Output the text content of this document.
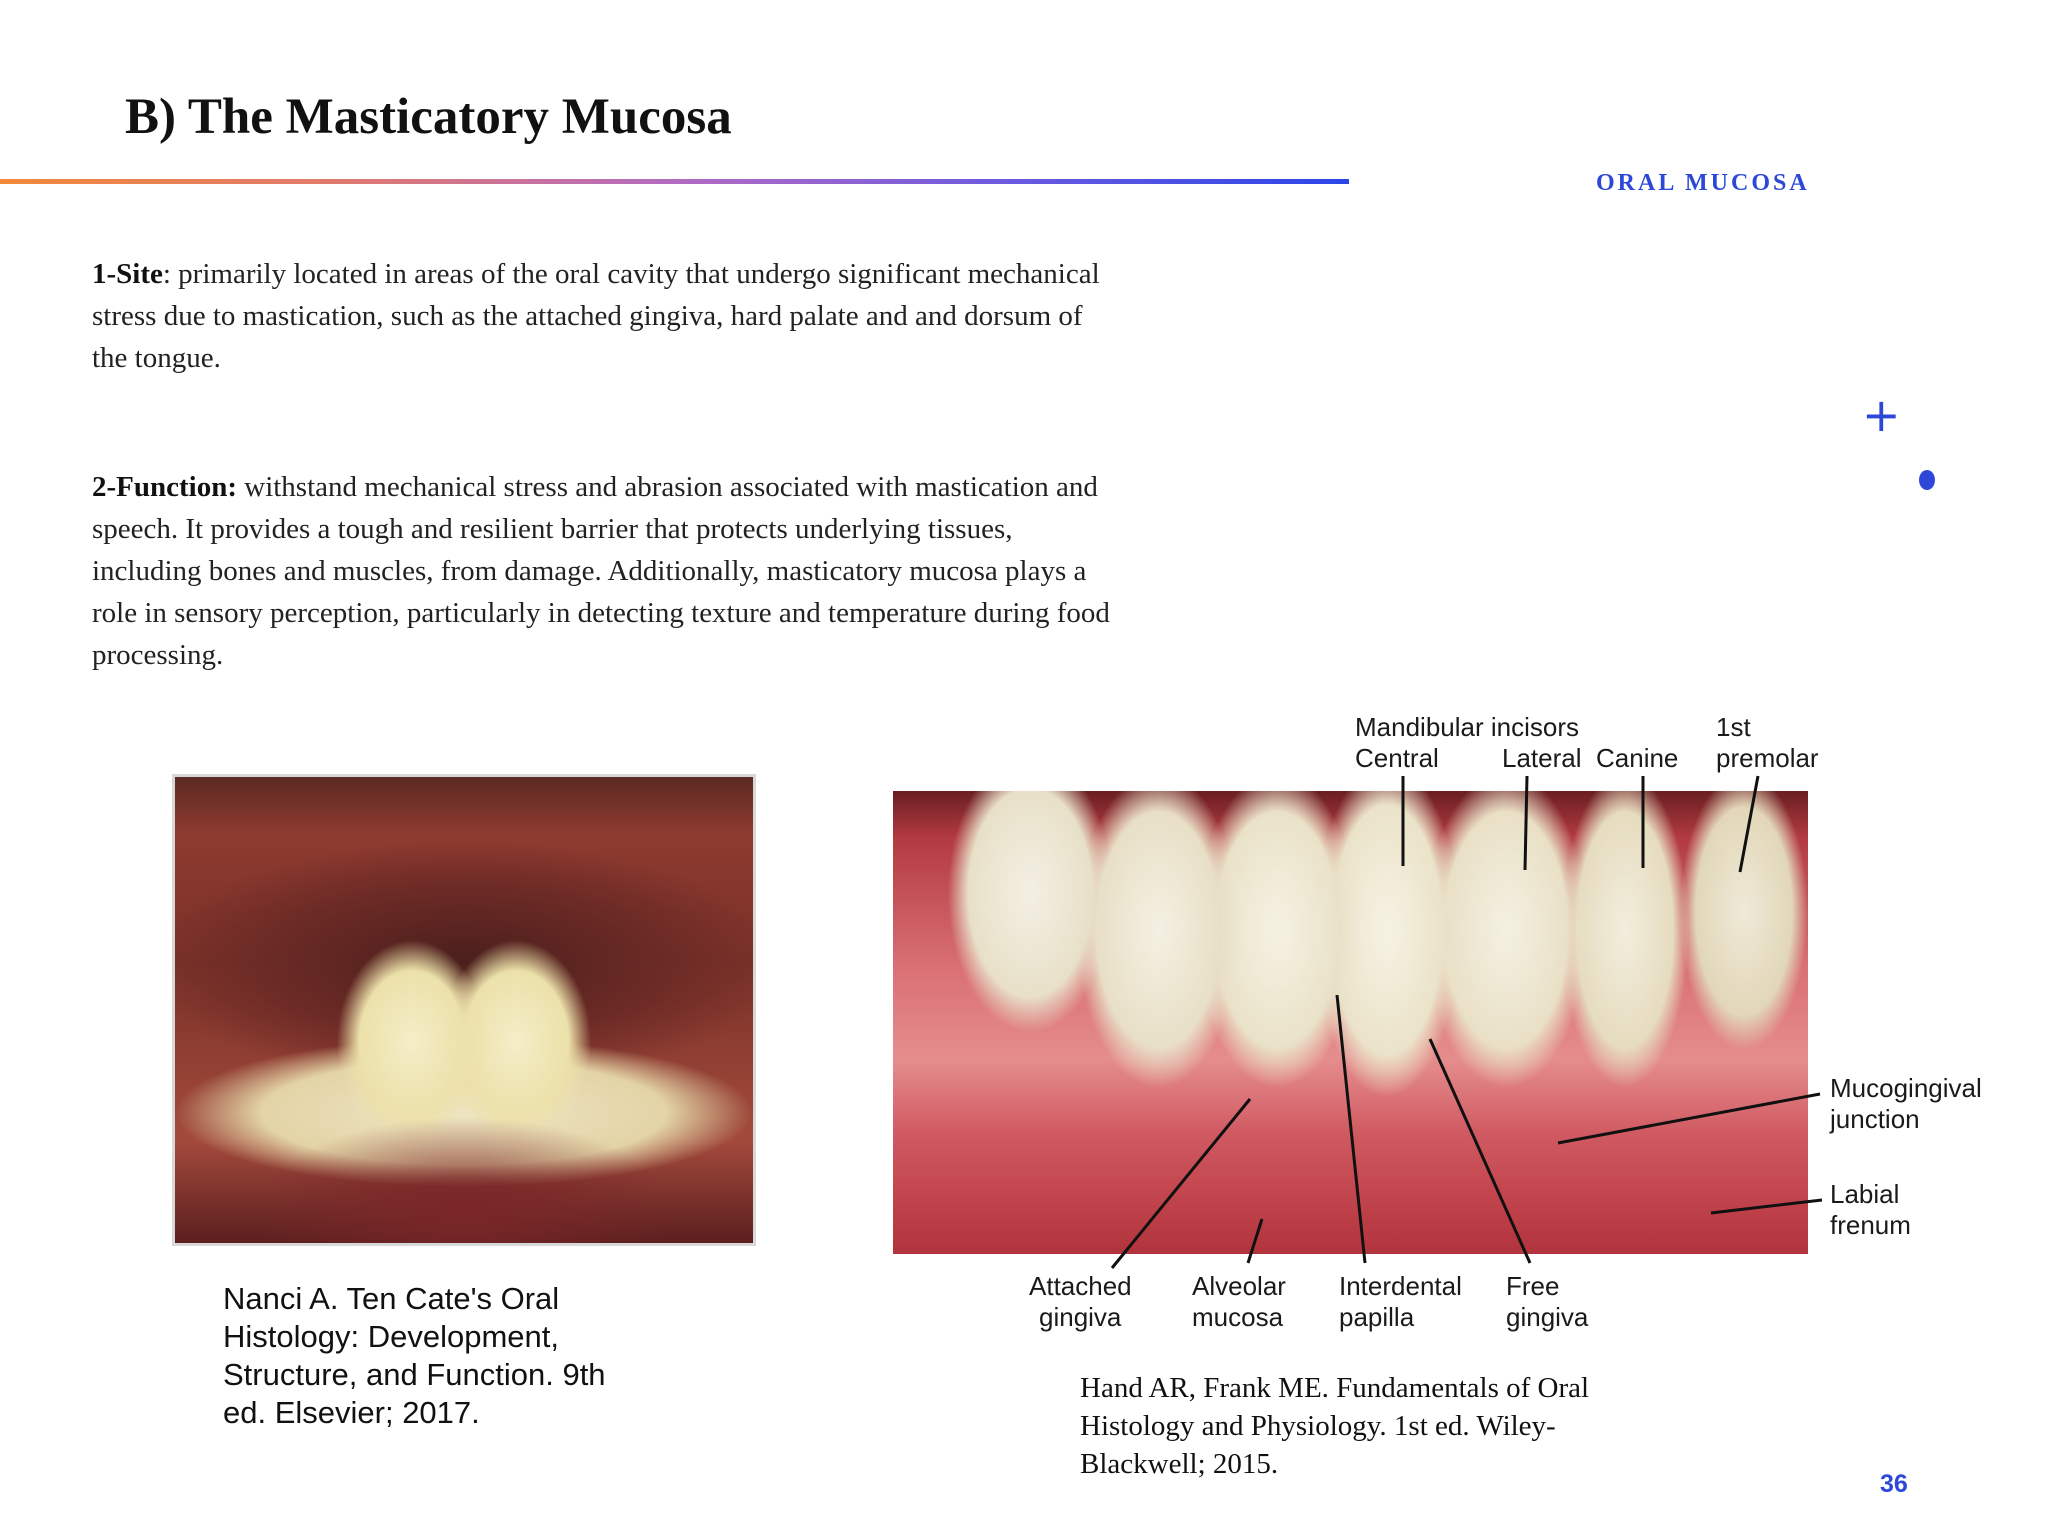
B) The Masticatory Mucosa
ORAL MUCOSA
+

1-Site: primarily located in areas of the oral cavity that undergo significant mechanical stress due to mastication, such as the attached gingiva, hard palate and and dorsum of the tongue.

2-Function: withstand mechanical stress and abrasion associated with mastication and speech. It provides a tough and resilient barrier that protects underlying tissues, including bones and muscles, from damage. Additionally, masticatory mucosa plays a role in sensory perception, particularly in detecting texture and temperature during food processing.

Mandibular incisors
Central Lateral Canine
1st
premolar
Mucogingival
junction
Labial
frenum
Attached
gingiva
Alveolar
mucosa
Interdental
papilla
Free
gingiva
Nanci A. Ten Cate's Oral Histology: Development, Structure, and Function. 9th ed. Elsevier; 2017.
Hand AR, Frank ME. Fundamentals of Oral Histology and Physiology. 1st ed. Wiley-Blackwell; 2015.
36
